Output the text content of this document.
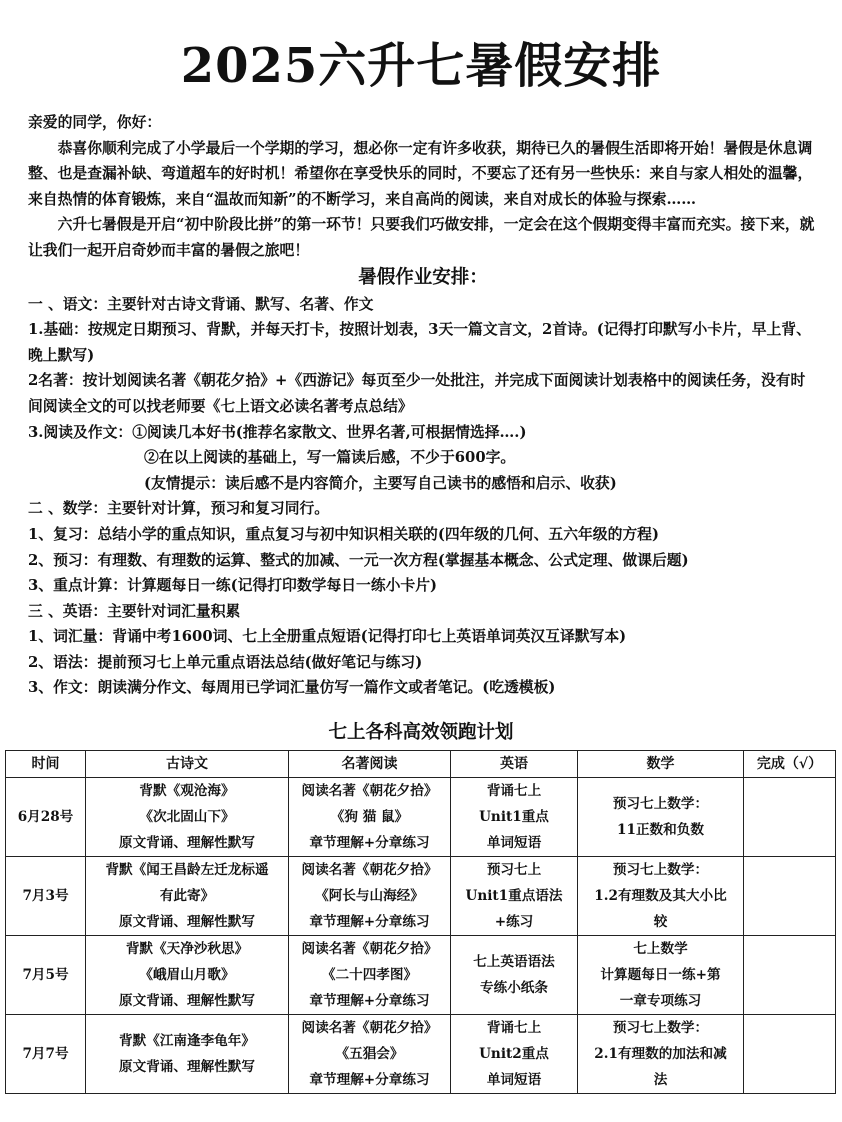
2025六升七暑假安排

亲爱的同学，你好：

恭喜你顺利完成了小学最后一个学期的学习，想必你一定有许多收获，期待已久的暑假生活即将开始！暑假是休息调整、也是查漏补缺、弯道超车的好时机！希望你在享受快乐的同时，不要忘了还有另一些快乐：来自与家人相处的温馨，来自热情的体育锻炼，来自“温故而知新”的不断学习，来自高尚的阅读，来自对成长的体验与探索……

六升七暑假是开启“初中阶段比拼”的第一环节！只要我们巧做安排，一定会在这个假期变得丰富而充实。接下来，就让我们一起开启奇妙而丰富的暑假之旅吧！

暑假作业安排：

一 、语文：主要针对古诗文背诵、默写、名著、作文

1.基础：按规定日期预习、背默，并每天打卡，按照计划表，3天一篇文言文，2首诗。(记得打印默写小卡片，早上背、晚上默写)

2名著：按计划阅读名著《朝花夕拾》+《西游记》每页至少一处批注，并完成下面阅读计划表格中的阅读任务，没有时间阅读全文的可以找老师要《七上语文必读名著考点总结》

3.阅读及作文：①阅读几本好书(推荐名家散文、世界名著,可根据情选择….)

②在以上阅读的基础上，写一篇读后感，不少于600字。

(友情提示：读后感不是内容简介，主要写自己读书的感悟和启示、收获)

二 、数学：主要针对计算，预习和复习同行。

1、复习：总结小学的重点知识，重点复习与初中知识相关联的(四年级的几何、五六年级的方程)

2、预习：有理数、有理数的运算、整式的加减、一元一次方程(掌握基本概念、公式定理、做课后题)

3、重点计算：计算题每日一练(记得打印数学每日一练小卡片)

三 、英语：主要针对词汇量积累

1、词汇量：背诵中考1600词、七上全册重点短语(记得打印七上英语单词英汉互译默写本)

2、语法：提前预习七上单元重点语法总结(做好笔记与练习)

3、作文：朗读满分作文、每周用已学词汇量仿写一篇作文或者笔记。(吃透模板)

七上各科高效领跑计划
时间	古诗文	名著阅读	英语	数学	完成（√）
6月28号	背默《观沧海》
《次北固山下》
原文背诵、理解性默写	阅读名著《朝花夕拾》
《狗 猫 鼠》
章节理解+分章练习	背诵七上
Unit1重点
单词短语	预习七上数学：
11正数和负数	

7月3号	背默《闻王昌龄左迁龙标遥
有此寄》
原文背诵、理解性默写	阅读名著《朝花夕拾》
《阿长与山海经》
章节理解+分章练习	预习七上
Unit1重点语法
+练习	预习七上数学：
1.2有理数及其大小比
较	

7月5号	背默《天净沙秋思》
《峨眉山月歌》
原文背诵、理解性默写	阅读名著《朝花夕拾》
《二十四孝图》
章节理解+分章练习	七上英语语法
专练小纸条	七上数学
计算题每日一练+第
一章专项练习	

7月7号	背默《江南逢李龟年》
原文背诵、理解性默写	阅读名著《朝花夕拾》
《五猖会》
章节理解+分章练习	背诵七上
Unit2重点
单词短语	预习七上数学：
2.1有理数的加法和减
法	
